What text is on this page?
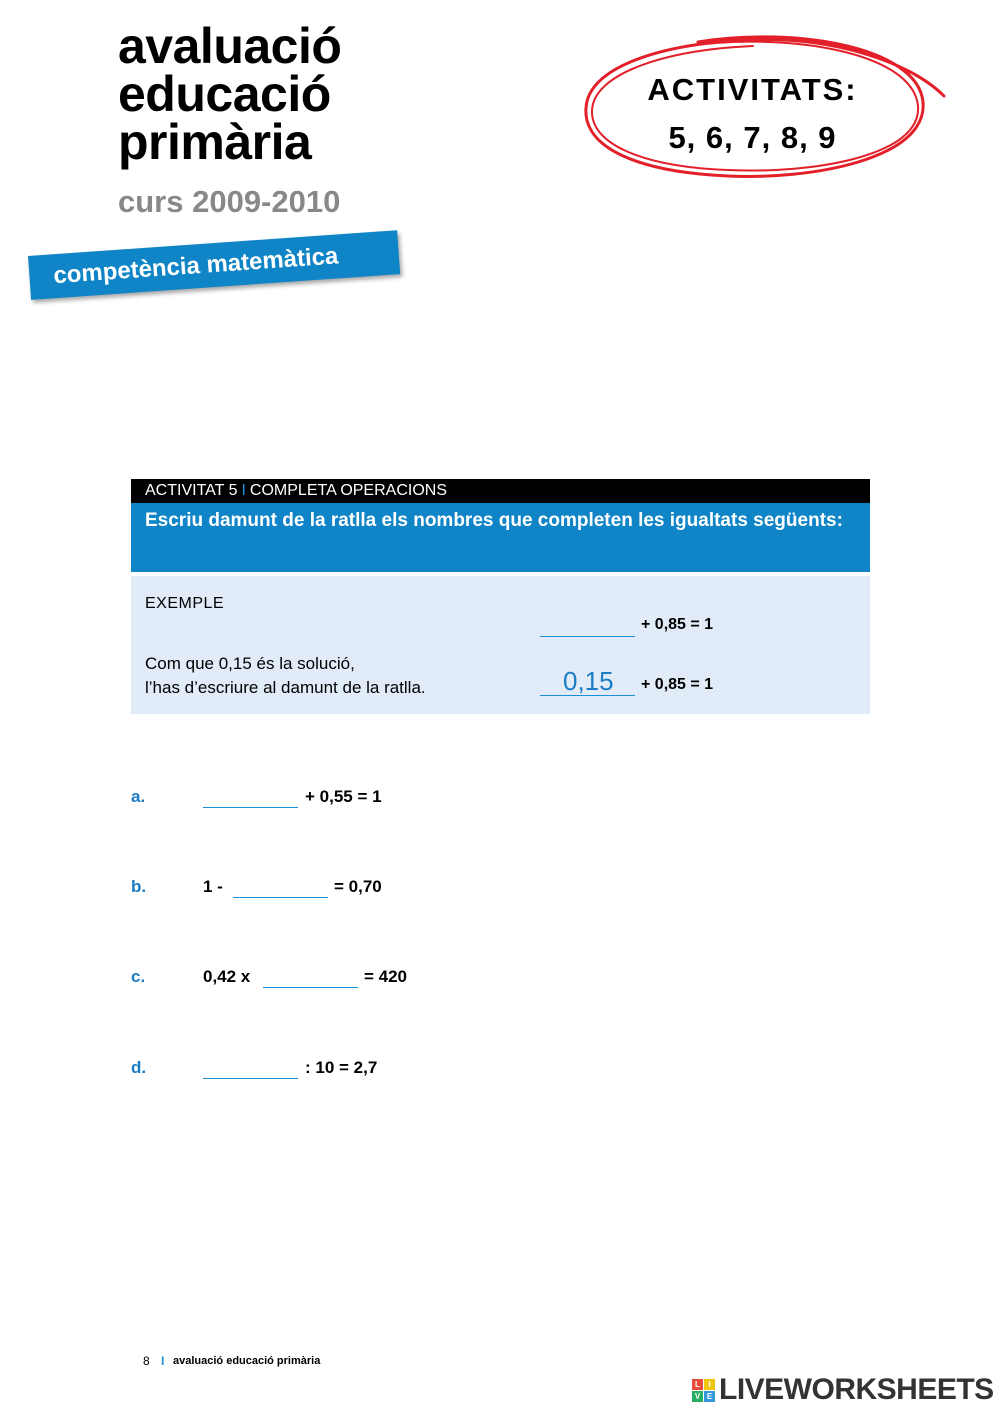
avaluació
educació
primària
curs 2009-2010
competència matemàtica
ACTIVITATS:
5, 6, 7, 8, 9
ACTIVITAT 5 I COMPLETA OPERACIONS
Escriu damunt de la ratlla els nombres que completen les igualtats següents:
EXEMPLE
+ 0,85 = 1
Com que 0,15 és la solució,
l’has d’escriure al damunt de la ratlla.	0,15 + 0,85 = 1
a.	+ 0,55 = 1
b.	1 -	= 0,70
c.	0,42 x	= 420
d.	: 10 = 2,7
8 I avaluació educació primària
L	I
V E LIVEWORKSHEETS
